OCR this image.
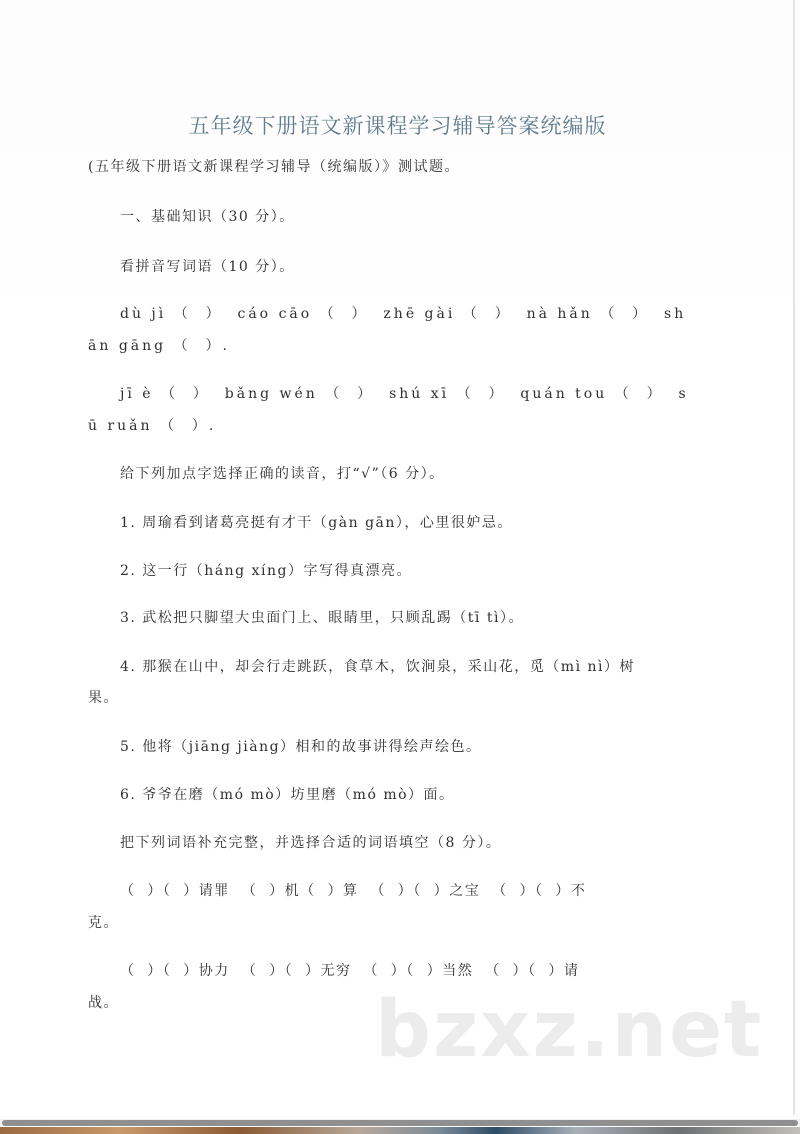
五年级下册语文新课程学习辅导答案统编版
(五年级下册语文新课程学习辅导（统编版）》测试题。
一、基础知识（30 分）。
看拼音写词语（10 分）。
dù jì （  ）  cáo cāo （  ）  zhē gài （  ）  nà hǎn （  ）  sh
ān gāng （  ）.
jī è （  ）  bǎng wén （  ）  shú xī （  ）  quán tou （  ）  s
ū ruǎn （  ）.
给下列加点字选择正确的读音，打“√”（6 分）。
1. 周瑜看到诸葛亮挺有才干（gàn gān），心里很妒忌。
2. 这一行（háng xíng）字写得真漂亮。
3. 武松把只脚望大虫面门上、眼睛里，只顾乱踢（tī tì）。
4. 那猴在山中，却会行走跳跃，食草木，饮涧泉，采山花，觅（mì nì）树
果。
5. 他将（jiāng jiàng）相和的故事讲得绘声绘色。
6. 爷爷在磨（mó mò）坊里磨（mó mò）面。
把下列词语补充完整，并选择合适的词语填空（8 分）。
（  ）（  ）请罪  （  ）机（  ）算  （  ）（  ）之宝  （  ）（  ）不
克。
（  ）（  ）协力  （  ）（  ）无穷  （  ）（  ）当然  （  ）（  ）请
战。	bzxz.net
